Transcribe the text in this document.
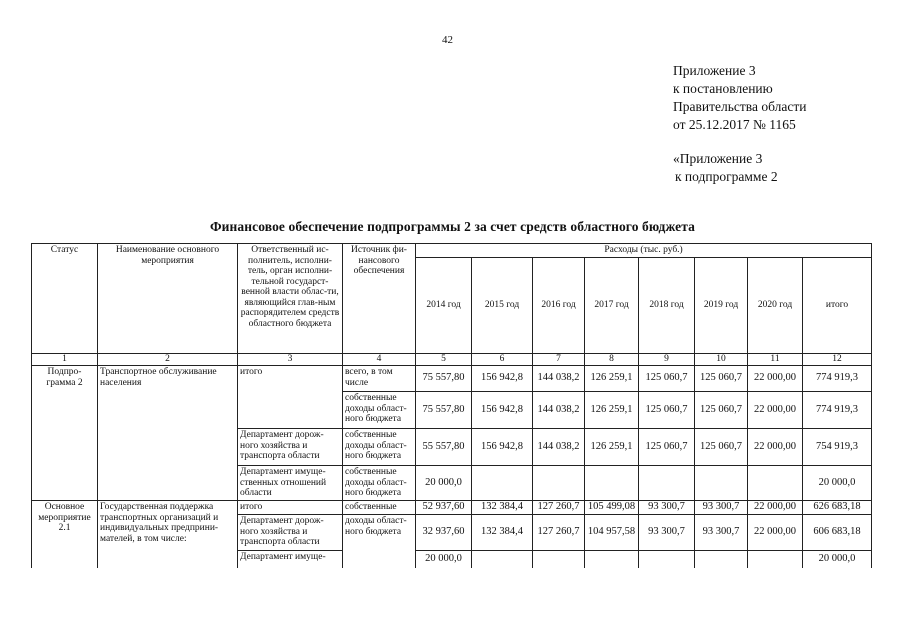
42
Приложение 3
к постановлению
Правительства области
от 25.12.2017 № 1165
«Приложение 3
к подпрограмме 2
Финансовое обеспечение подпрограммы 2 за счет средств областного бюджета
Статус	Наименование основного мероприятия	Ответственный ис-полнитель, исполни-тель, орган исполни-тельной государст-венной власти облас-ти, являющийся глав-ным распорядителем средств областного бюджета	Источник фи-нансового обеспечения	Расходы (тыс. руб.)							
				2014 год	2015 год	2016 год	2017 год	2018 год	2019 год	2020 год	итого
1	2	3	4	5	6	7	8	9	10	11	12
Подпро-грамма 2	Транспортное обслуживание населения	итого	всего, в том числе	75 557,80	156 942,8	144 038,2	126 259,1	125 060,7	125 060,7	22 000,00	774 919,3
			собственные доходы област-ного бюджета	75 557,80	156 942,8	144 038,2	126 259,1	125 060,7	125 060,7	22 000,00	774 919,3
		Департамент дорож-ного хозяйства и транспорта области	собственные доходы област-ного бюджета	55 557,80	156 942,8	144 038,2	126 259,1	125 060,7	125 060,7	22 000,00	754 919,3
		Департамент имуще-ственных отношений области	собственные доходы област-ного бюджета	20 000,0							20 000,0
Основное мероприятие 2.1	Государственная поддержка транспортных организаций и индивидуальных предприни-мателей, в том числе:	итого	собственные	52 937,60	132 384,4	127 260,7	105 499,08	93 300,7	93 300,7	22 000,00	626 683,18
		Департамент дорож-ного хозяйства и транспорта области	доходы област-ного бюджета	32 937,60	132 384,4	127 260,7	104 957,58	93 300,7	93 300,7	22 000,00	606 683,18
		Департамент имуще-		20 000,0							20 000,0
